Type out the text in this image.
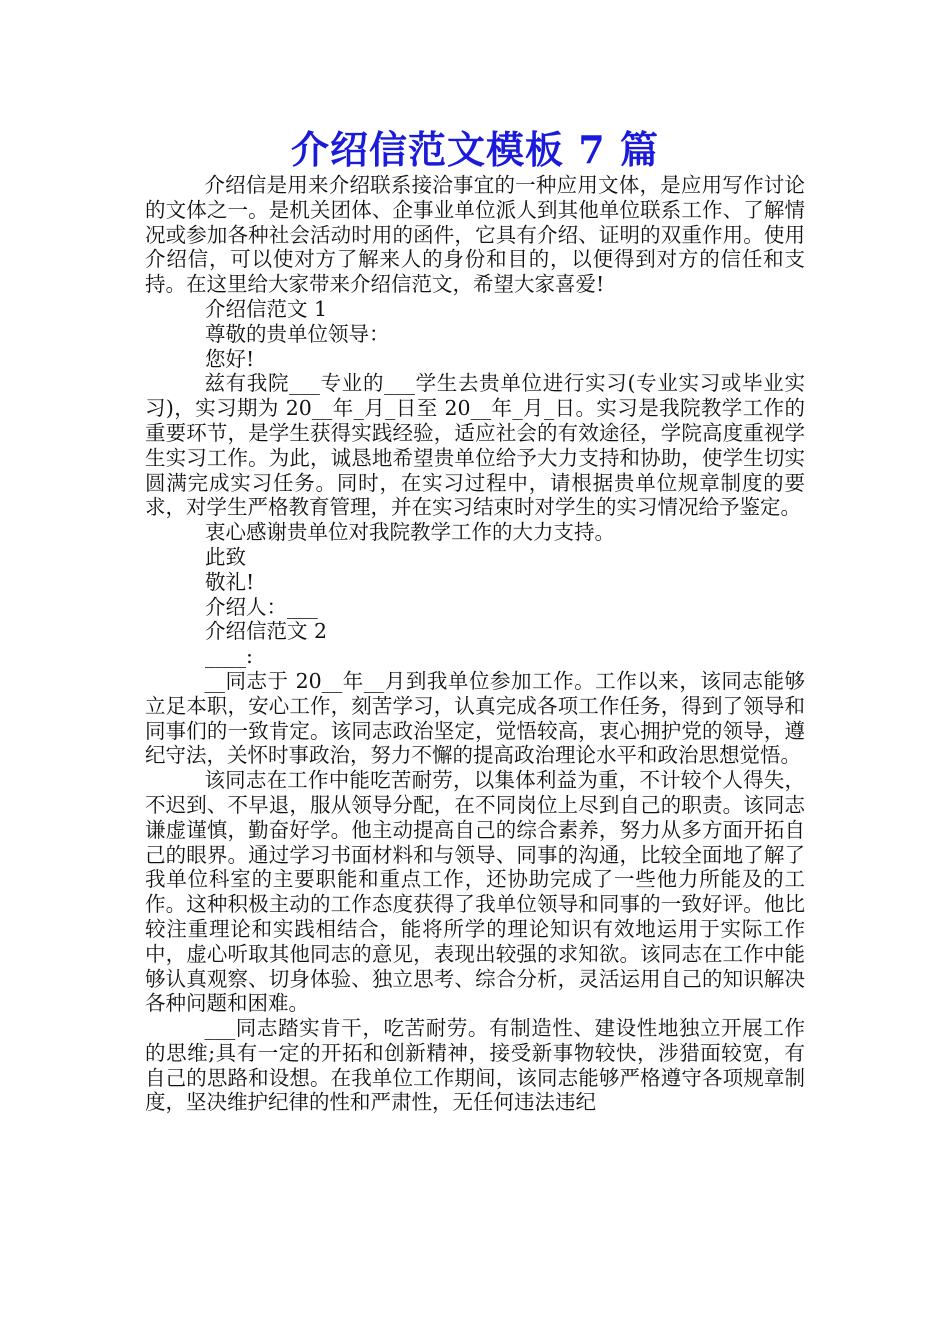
介绍信范文模板 7 篇

介绍信是用来介绍联系接洽事宜的一种应用文体，是应用写作讨论的文体之一。是机关团体、企事业单位派人到其他单位联系工作、了解情况或参加各种社会活动时用的函件，它具有介绍、证明的双重作用。使用介绍信，可以使对方了解来人的身份和目的，以便得到对方的信任和支持。在这里给大家带来介绍信范文，希望大家喜爱!

介绍信范文 1

尊敬的贵单位领导：

您好!

兹有我院___专业的___学生去贵单位进行实习(专业实习或毕业实习)，实习期为 20__年_月_日至 20__年_月_日。实习是我院教学工作的重要环节，是学生获得实践经验，适应社会的有效途径，学院高度重视学生实习工作。为此，诚恳地希望贵单位给予大力支持和协助，使学生切实圆满完成实习任务。同时，在实习过程中，请根据贵单位规章制度的要求，对学生严格教育管理，并在实习结束时对学生的实习情况给予鉴定。

衷心感谢贵单位对我院教学工作的大力支持。

此致

敬礼!

介绍人：___

介绍信范文 2

____:

__同志于 20__年__月到我单位参加工作。工作以来，该同志能够立足本职，安心工作，刻苦学习，认真完成各项工作任务，得到了领导和同事们的一致肯定。该同志政治坚定，觉悟较高，衷心拥护党的领导，遵纪守法，关怀时事政治，努力不懈的提高政治理论水平和政治思想觉悟。

该同志在工作中能吃苦耐劳，以集体利益为重，不计较个人得失，不迟到、不早退，服从领导分配，在不同岗位上尽到自己的职责。该同志谦虚谨慎，勤奋好学。他主动提高自己的综合素养，努力从多方面开拓自己的眼界。通过学习书面材料和与领导、同事的沟通，比较全面地了解了我单位科室的主要职能和重点工作，还协助完成了一些他力所能及的工作。这种积极主动的工作态度获得了我单位领导和同事的一致好评。他比较注重理论和实践相结合，能将所学的理论知识有效地运用于实际工作中，虚心听取其他同志的意见，表现出较强的求知欲。该同志在工作中能够认真观察、切身体验、独立思考、综合分析，灵活运用自己的知识解决各种问题和困难。

___同志踏实肯干，吃苦耐劳。有制造性、建设性地独立开展工作的思维;具有一定的开拓和创新精神，接受新事物较快，涉猎面较宽，有自己的思路和设想。在我单位工作期间，该同志能够严格遵守各项规章制度，坚决维护纪律的性和严肃性，无任何违法违纪
